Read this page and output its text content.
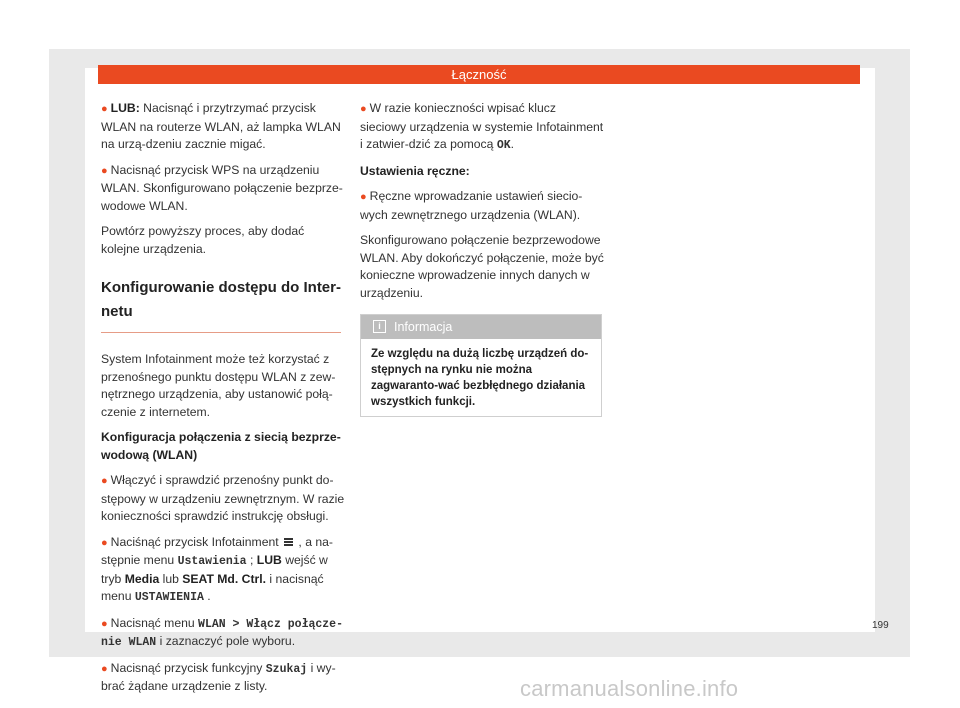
Łączność

● LUB: Nacisnąć i przytrzymać przycisk WLAN na routerze WLAN, aż lampka WLAN na urzą-dzeniu zacznie migać.

● Nacisnąć przycisk WPS na urządzeniu WLAN. Skonfigurowano połączenie bezprze-wodowe WLAN.

Powtórz powyższy proces, aby dodać kolejne urządzenia.

Konfigurowanie dostępu do Inter-netu

System Infotainment może też korzystać z przenośnego punktu dostępu WLAN z zew-nętrznego urządzenia, aby ustanowić połą-czenie z internetem.

Konfiguracja połączenia z siecią bezprze-wodową (WLAN)

● Włączyć i sprawdzić przenośny punkt do-stępowy w urządzeniu zewnętrznym. W razie konieczności sprawdzić instrukcję obsługi.

● Naciśnąć przycisk Infotainment  , a na-stępnie menu Ustawienia ; LUB wejść w tryb Media lub SEAT Md. Ctrl. i nacisnąć menu USTAWIENIA .

● Nacisnąć menu WLAN > Włącz połącze-nie WLAN i zaznaczyć pole wyboru.

● Nacisnąć przycisk funkcyjny Szukaj i wy-brać żądane urządzenie z listy.

● W razie konieczności wpisać klucz sieciowy urządzenia w systemie Infotainment i zatwier-dzić za pomocą OK.

Ustawienia ręczne:

● Ręczne wprowadzanie ustawień siecio-wych zewnętrznego urządzenia (WLAN).

Skonfigurowano połączenie bezprzewodowe WLAN. Aby dokończyć połączenie, może być konieczne wprowadzenie innych danych w urządzeniu.

i Informacja
Ze względu na dużą liczbę urządzeń do-stępnych na rynku nie można zagwaranto-wać bezbłędnego działania wszystkich funkcji.
199
carmanualsonline.info
